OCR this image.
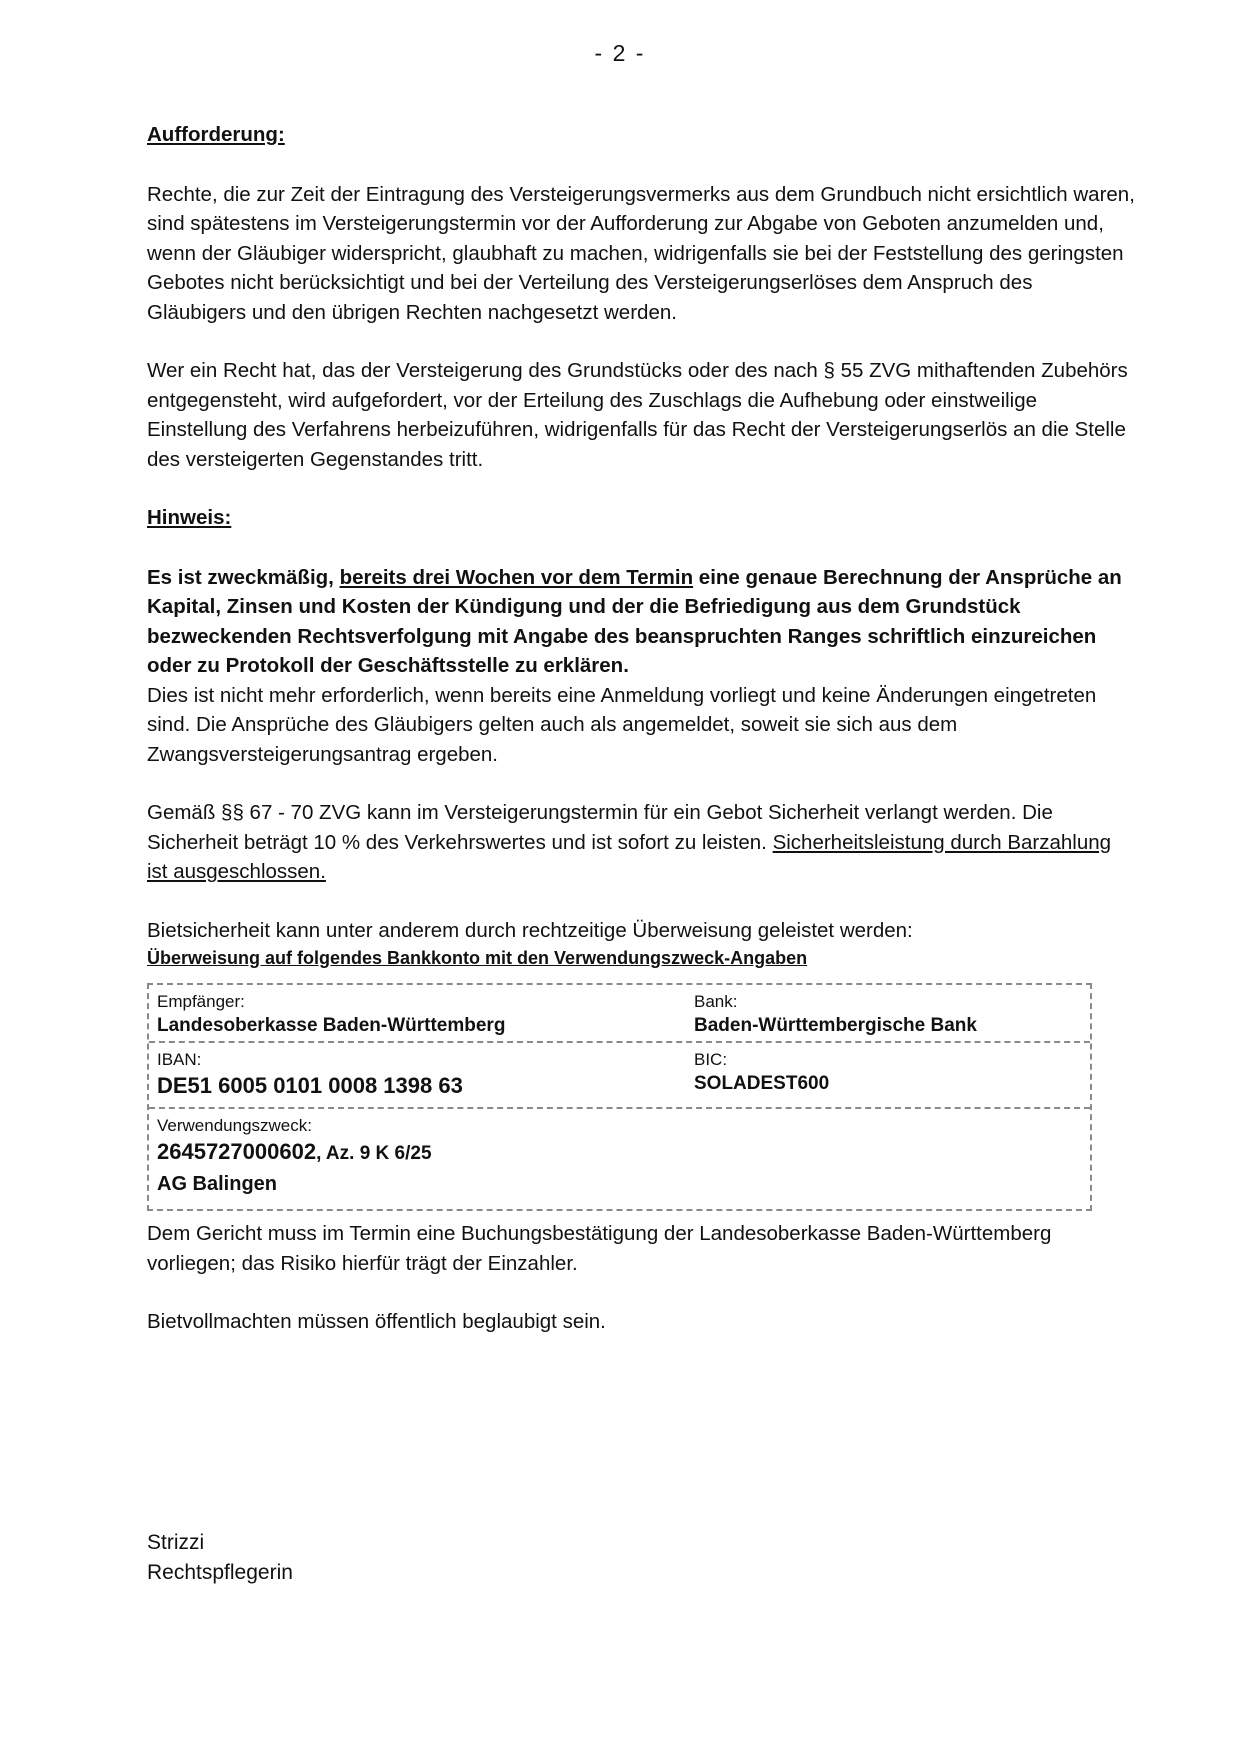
- 2 -
Aufforderung:

Rechte, die zur Zeit der Eintragung des Versteigerungsvermerks aus dem Grundbuch nicht ersichtlich waren, sind spätestens im Versteigerungstermin vor der Aufforderung zur Abgabe von Geboten anzumelden und, wenn der Gläubiger widerspricht, glaubhaft zu machen, widrigenfalls sie bei der Feststellung des geringsten Gebotes nicht berücksichtigt und bei der Verteilung des Versteigerungserlöses dem Anspruch des Gläubigers und den übrigen Rechten nachgesetzt werden.

Wer ein Recht hat, das der Versteigerung des Grundstücks oder des nach § 55 ZVG mithaftenden Zubehörs entgegensteht, wird aufgefordert, vor der Erteilung des Zuschlags die Aufhebung oder einstweilige Einstellung des Verfahrens herbeizuführen, widrigenfalls für das Recht der Versteigerungserlös an die Stelle des versteigerten Gegenstandes tritt.

Hinweis:

Es ist zweckmäßig, bereits drei Wochen vor dem Termin eine genaue Berechnung der Ansprüche an Kapital, Zinsen und Kosten der Kündigung und der die Befriedigung aus dem Grundstück bezweckenden Rechtsverfolgung mit Angabe des beanspruchten Ranges schriftlich einzureichen oder zu Protokoll der Geschäftsstelle zu erklären.

Dies ist nicht mehr erforderlich, wenn bereits eine Anmeldung vorliegt und keine Änderungen eingetreten sind. Die Ansprüche des Gläubigers gelten auch als angemeldet, soweit sie sich aus dem Zwangsversteigerungsantrag ergeben.

Gemäß §§ 67 - 70 ZVG kann im Versteigerungstermin für ein Gebot Sicherheit verlangt werden. Die Sicherheit beträgt 10 % des Verkehrswertes und ist sofort zu leisten. Sicherheitsleistung durch Barzahlung ist ausgeschlossen.

Bietsicherheit kann unter anderem durch rechtzeitige Überweisung geleistet werden:

Überweisung auf folgendes Bankkonto mit den Verwendungszweck-Angaben

Empfänger:
Landesoberkasse Baden-Württemberg
Bank:
Baden-Württembergische Bank
IBAN:
DE51 6005 0101 0008 1398 63
BIC:
SOLADEST600
Verwendungszweck:
2645727000602, Az. 9 K 6/25
AG Balingen

Dem Gericht muss im Termin eine Buchungsbestätigung der Landesoberkasse Baden-Württemberg vorliegen; das Risiko hierfür trägt der Einzahler.

Bietvollmachten müssen öffentlich beglaubigt sein.

Strizzi
Rechtspflegerin
